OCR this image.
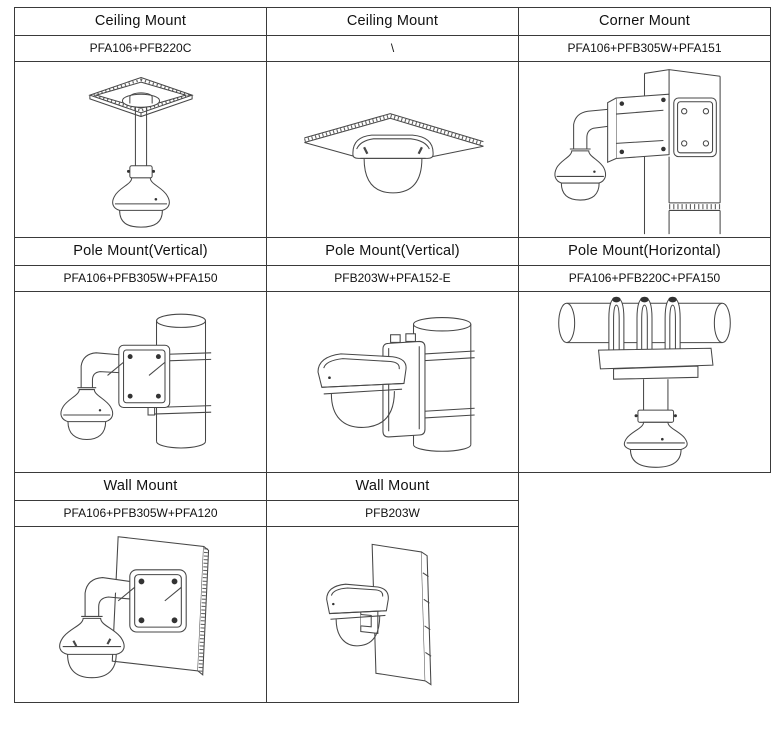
Ceiling Mount
PFA106+PFB220C
Ceiling Mount
\
Corner Mount
PFA106+PFB305W+PFA151
Pole Mount(Vertical)
PFA106+PFB305W+PFA150
Pole Mount(Vertical)
PFB203W+PFA152-E
Pole Mount(Horizontal)
PFA106+PFB220C+PFA150
Wall Mount
PFA106+PFB305W+PFA120
Wall Mount
PFB203W
